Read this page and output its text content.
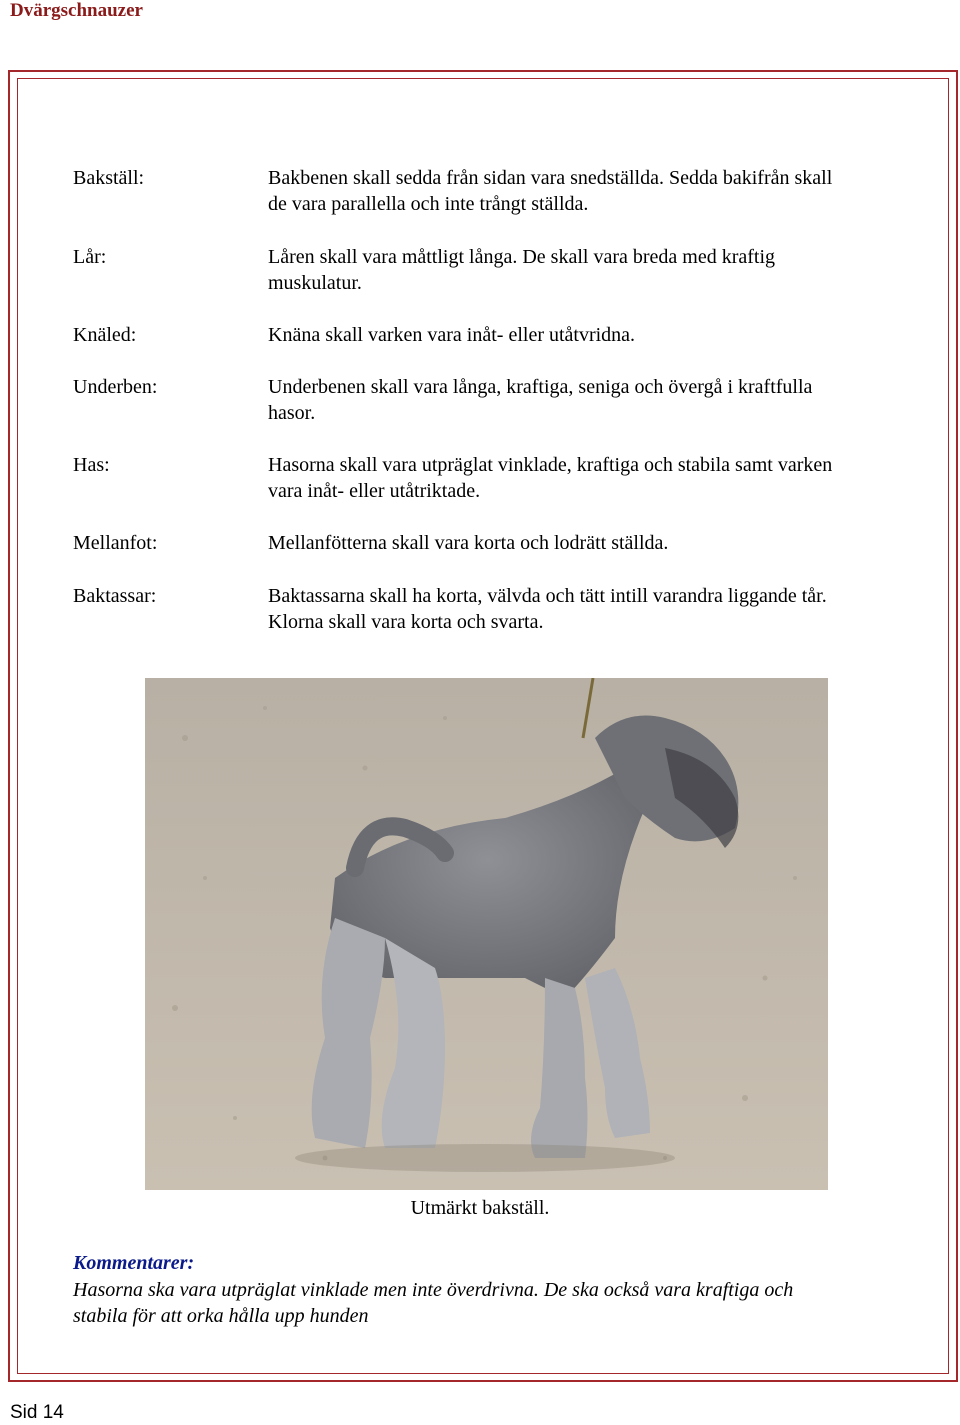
Dvärgschnauzer
Bakställ:	Bakbenen skall sedda från sidan vara snedställda. Sedda bakifrån skall
de vara parallella och inte trångt ställda.
Lår:	Låren skall vara måttligt långa. De skall vara breda med kraftig
muskulatur.
Knäled:	Knäna skall varken vara inåt- eller utåtvridna.
Underben:	Underbenen skall vara långa, kraftiga, seniga och övergå i kraftfulla
hasor.
Has:	Hasorna skall vara utpräglat vinklade, kraftiga och stabila samt varken
vara inåt- eller utåtriktade.
Mellanfot:	Mellanfötterna skall vara korta och lodrätt ställda.
Baktassar:	Baktassarna skall ha korta, välvda och tätt intill varandra liggande tår.
Klorna skall vara korta och svarta.
Utmärkt bakställ.
Kommentarer:
Hasorna ska vara utpräglat vinklade men inte överdrivna. De ska också vara kraftiga och
stabila för att orka hålla upp hunden
Sid 14
